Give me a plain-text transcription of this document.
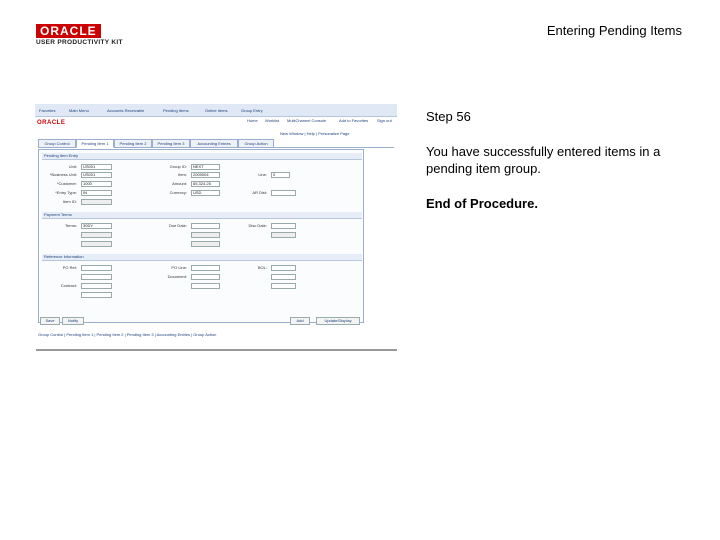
ORACLE
USER PRODUCTIVITY KIT
Entering Pending Items
Favorites	Main Menu	Accounts Receivable	Pending Items	Online Items	Group Entry
ORACLE	Home Worklist MultiChannel Console	Add to Favorites Sign out
New Window | Help | Personalize Page
Group Control	Pending Item 1	Pending Item 2	Pending Item 3	Accounting Entries	Group Action
Pending Item Entry
Unit:	US001	Group ID:	NEXT
*Business Unit:	US001	Item:	2009004	Line:	0
*Customer:	1000	Amount:	65,324.25
*Entry Type:	IN	Currency:	USD	AR Dist:
Item ID:
Payment Terms
Terms:	30DY	Due Date:	Disc Date:
Reference Information
PO Ref:	PO Line:	BOL:
Document:
Contract:
Save	Notify	Add	Update/Display
Group Control | Pending Item 1 | Pending Item 2 | Pending Item 3 | Accounting Entries | Group Action
Step 56
You have successfully entered items in a pending item group.
End of Procedure.
